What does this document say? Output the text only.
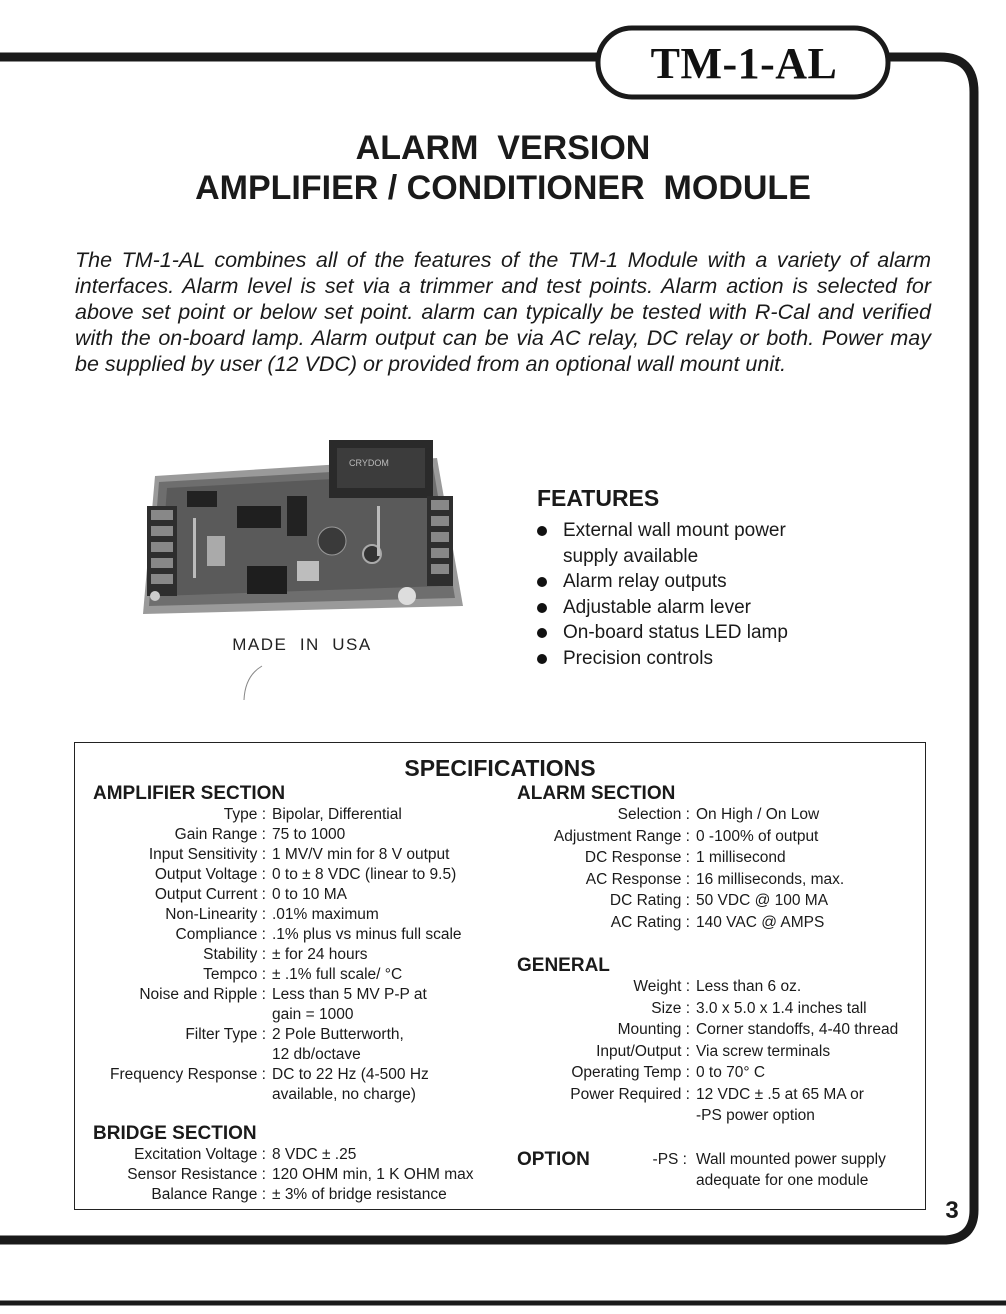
TM-1-AL
ALARM  VERSION
AMPLIFIER / CONDITIONER  MODULE
The TM-1-AL combines all of the features of the TM-1 Module with a variety of alarm interfaces. Alarm level is set via a trimmer and test points. Alarm action is selected for above set point or below set point. alarm can typically be tested with R-Cal and verified with the on-board lamp. Alarm output can be via AC relay, DC relay or both. Power may be supplied by user (12 VDC) or provided from an optional wall mount unit.
CRYDOM
MADE  IN  USA
FEATURES
External wall mount power
supply available
Alarm relay outputs
Adjustable alarm lever
On-board status LED lamp
Precision controls
SPECIFICATIONS
AMPLIFIER SECTION
Type : Bipolar, Differential
Gain Range : 75 to 1000
Input Sensitivity : 1 MV/V min for 8 V output
Output Voltage : 0 to ± 8 VDC (linear to 9.5)
Output Current : 0 to 10 MA
Non-Linearity : .01% maximum
Compliance : .1% plus vs minus full scale
Stability : ± for 24 hours
Tempco : ± .1% full scale/ °C
Noise and Ripple : Less than 5 MV P-P at
gain = 1000
Filter Type : 2 Pole Butterworth,
12 db/octave
Frequency Response : DC to 22 Hz (4-500 Hz
available, no charge)
BRIDGE SECTION
Excitation Voltage : 8 VDC ± .25
Sensor Resistance : 120 OHM min, 1 K OHM max
Balance Range : ± 3% of bridge resistance
ALARM SECTION
Selection : On High / On Low
Adjustment Range : 0 -100% of output
DC Response : 1 millisecond
AC Response : 16 milliseconds, max.
DC Rating : 50 VDC @ 100 MA
AC Rating : 140 VAC @ AMPS
GENERAL
Weight : Less than 6 oz.
Size : 3.0 x 5.0 x 1.4 inches tall
Mounting : Corner standoffs, 4-40 thread
Input/Output : Via screw terminals
Operating Temp : 0 to 70° C
Power Required : 12 VDC ± .5 at 65 MA or
-PS power option
OPTION	-PS : Wall mounted power supply
adequate for one module
3
